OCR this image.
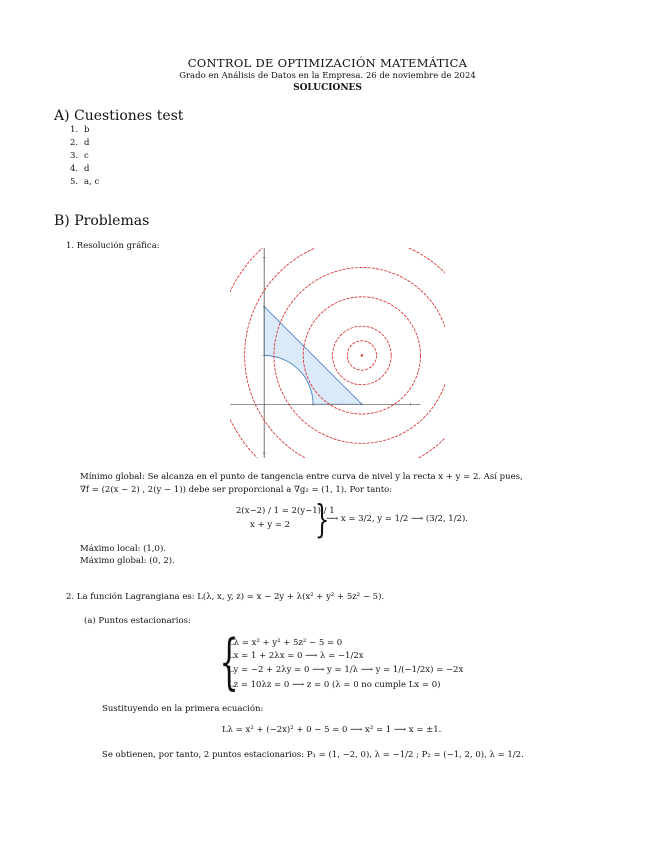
CONTROL DE OPTIMIZACIÓN MATEMÁTICA
Grado en Análisis de Datos en la Empresa. 26 de noviembre de 2024
SOLUCIONES
A) Cuestiones test
1. b
2. d
3. c
4. d
5. a, c
B) Problemas
1. Resolución gráfica:
Mínimo global: Se alcanza en el punto de tangencia entre curva de nivel y la recta x + y = 2. Así pues,
∇f = (2(x − 2) , 2(y − 1)) debe ser proporcional a ∇g₂ = (1, 1). Por tanto:
2(x−2) / 1 = 2(y−1) / 1
x + y = 2 }
⟶ x = 3/2, y = 1/2 ⟶ (3/2, 1/2).
Máximo local: (1,0).
Máximo global: (0, 2).
2. La función Lagrangiana es: L(λ, x, y, z) = x − 2y + λ(x² + y² + 5z² − 5).
(a) Puntos estacionarios:
{
Lλ = x² + y² + 5z² − 5 = 0
Lx = 1 + 2λx = 0 ⟶ λ = −1/2x
Ly = −2 + 2λy = 0 ⟶ y = 1/λ ⟶ y = 1/(−1/2x) = −2x
Lz = 10λz = 0 ⟶ z = 0 (λ = 0 no cumple Lx = 0)
Sustituyendo en la primera ecuación:
Lλ = x² + (−2x)² + 0 − 5 = 0 ⟶ x² = 1 ⟶ x = ±1.
Se obtienen, por tanto, 2 puntos estacionarios: P₁ = (1, −2, 0), λ = −1/2 ; P₂ = (−1, 2, 0), λ = 1/2.
